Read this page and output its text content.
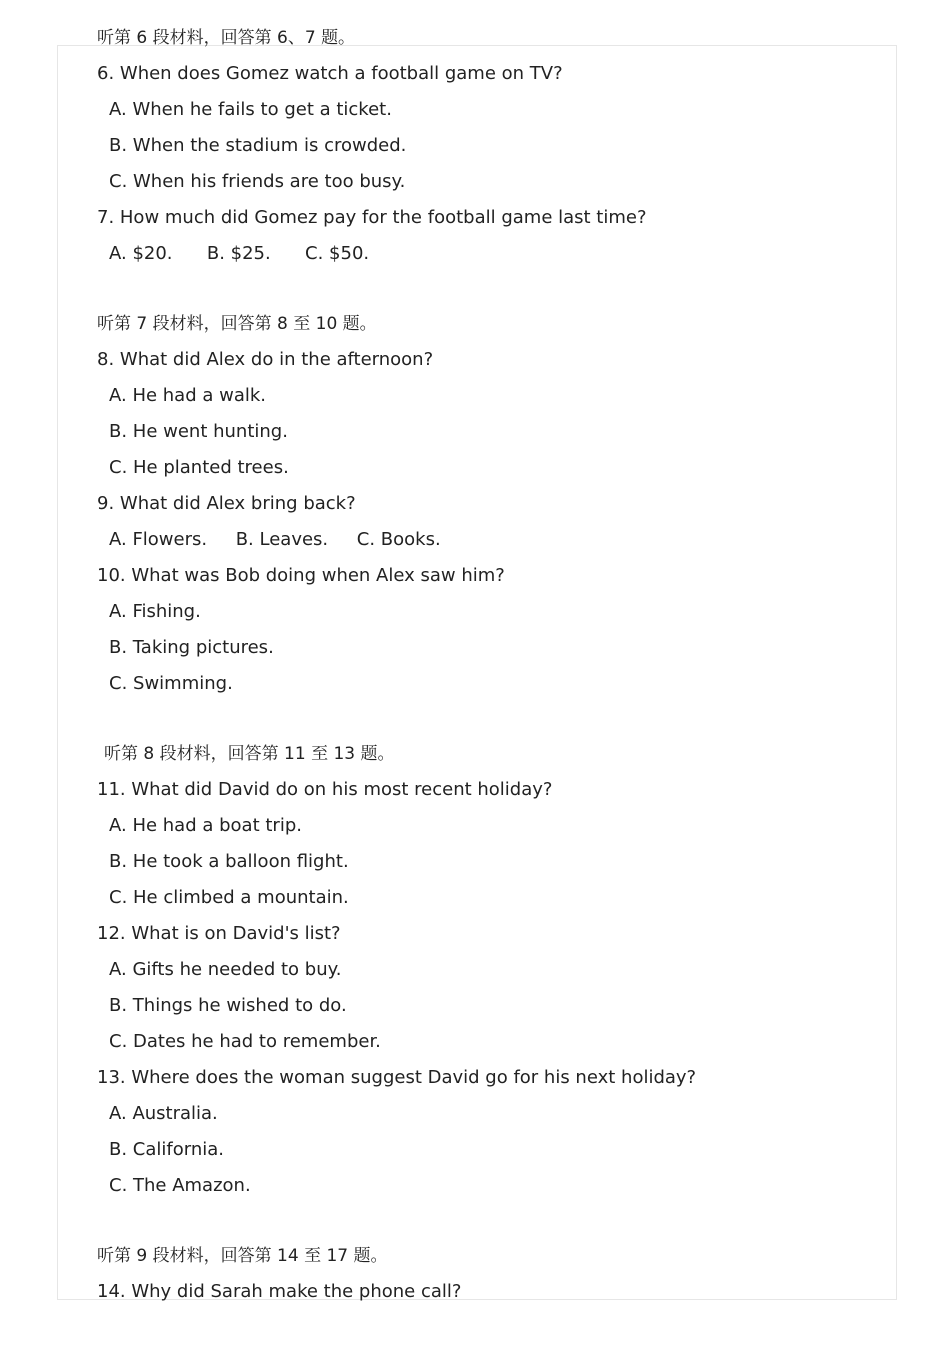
听第 6 段材料，回答第 6、7 题。
6. When does Gomez watch a football game on TV?
A. When he fails to get a ticket.
B. When the stadium is crowded.
C. When his friends are too busy.
7. How much did Gomez pay for the football game last time?
A. $20.      B. $25.      C. $50.
听第 7 段材料，回答第 8 至 10 题。
8. What did Alex do in the afternoon?
A. He had a walk.
B. He went hunting.
C. He planted trees.
9. What did Alex bring back?
A. Flowers.     B. Leaves.     C. Books.
10. What was Bob doing when Alex saw him?
A. Fishing.
B. Taking pictures.
C. Swimming.
听第 8 段材料，回答第 11 至 13 题。
11. What did David do on his most recent holiday?
A. He had a boat trip.
B. He took a balloon flight.
C. He climbed a mountain.
12. What is on David's list?
A. Gifts he needed to buy.
B. Things he wished to do.
C. Dates he had to remember.
13. Where does the woman suggest David go for his next holiday?
A. Australia.
B. California.
C. The Amazon.
听第 9 段材料，回答第 14 至 17 题。
14. Why did Sarah make the phone call?
